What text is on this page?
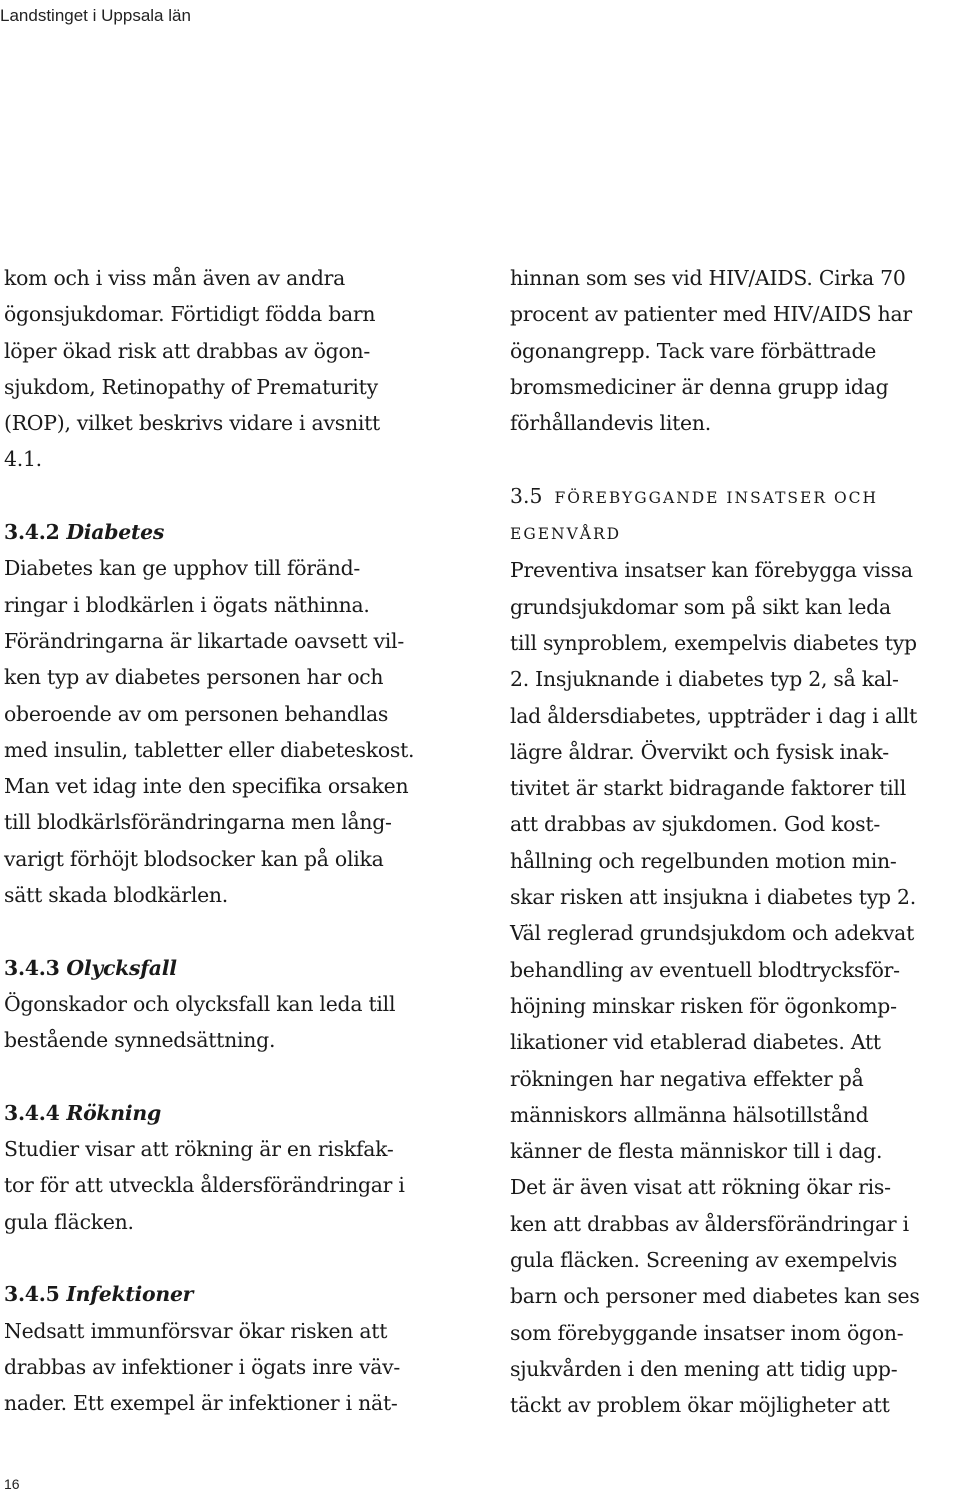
Landstinget i Uppsala län

kom och i viss mån även av andra
ögonsjukdomar. Förtidigt födda barn
löper ökad risk att drabbas av ögon-
sjukdom, Retinopathy of Prematurity
(ROP), vilket beskrivs vidare i avsnitt
4.1.

3.4.2 Diabetes
Diabetes kan ge upphov till föränd-
ringar i blodkärlen i ögats näthinna.
Förändringarna är likartade oavsett vil-
ken typ av diabetes personen har och
oberoende av om personen behandlas
med insulin, tabletter eller diabeteskost.
Man vet idag inte den specifika orsaken
till blodkärlsförändringarna men lång-
varigt förhöjt blodsocker kan på olika
sätt skada blodkärlen.
3.4.3 Olycksfall
Ögonskador och olycksfall kan leda till
bestående synnedsättning.
3.4.4 Rökning
Studier visar att rökning är en riskfak-
tor för att utveckla åldersförändringar i
gula fläcken.
3.4.5 Infektioner
Nedsatt immunförsvar ökar risken att
drabbas av infektioner i ögats inre väv-
nader. Ett exempel är infektioner i nät-

hinnan som ses vid HIV/AIDS. Cirka 70
procent av patienter med HIV/AIDS har
ögonangrepp. Tack vare förbättrade
bromsmediciner är denna grupp idag
förhållandevis liten.

3.5 FÖREBYGGANDE INSATSER OCH
EGENVÅRD
Preventiva insatser kan förebygga vissa
grundsjukdomar som på sikt kan leda
till synproblem, exempelvis diabetes typ
2. Insjuknande i diabetes typ 2, så kal-
lad åldersdiabetes, uppträder i dag i allt
lägre åldrar. Övervikt och fysisk inak-
tivitet är starkt bidragande faktorer till
att drabbas av sjukdomen. God kost-
hållning och regelbunden motion min-
skar risken att insjukna i diabetes typ 2.
Väl reglerad grundsjukdom och adekvat
behandling av eventuell blodtrycksför-
höjning minskar risken för ögonkomp-
likationer vid etablerad diabetes. Att
rökningen har negativa effekter på
människors allmänna hälsotillstånd
känner de flesta människor till i dag.
Det är även visat att rökning ökar ris-
ken att drabbas av åldersförändringar i
gula fläcken. Screening av exempelvis
barn och personer med diabetes kan ses
som förebyggande insatser inom ögon-
sjukvården i den mening att tidig upp-
täckt av problem ökar möjligheter att
16
